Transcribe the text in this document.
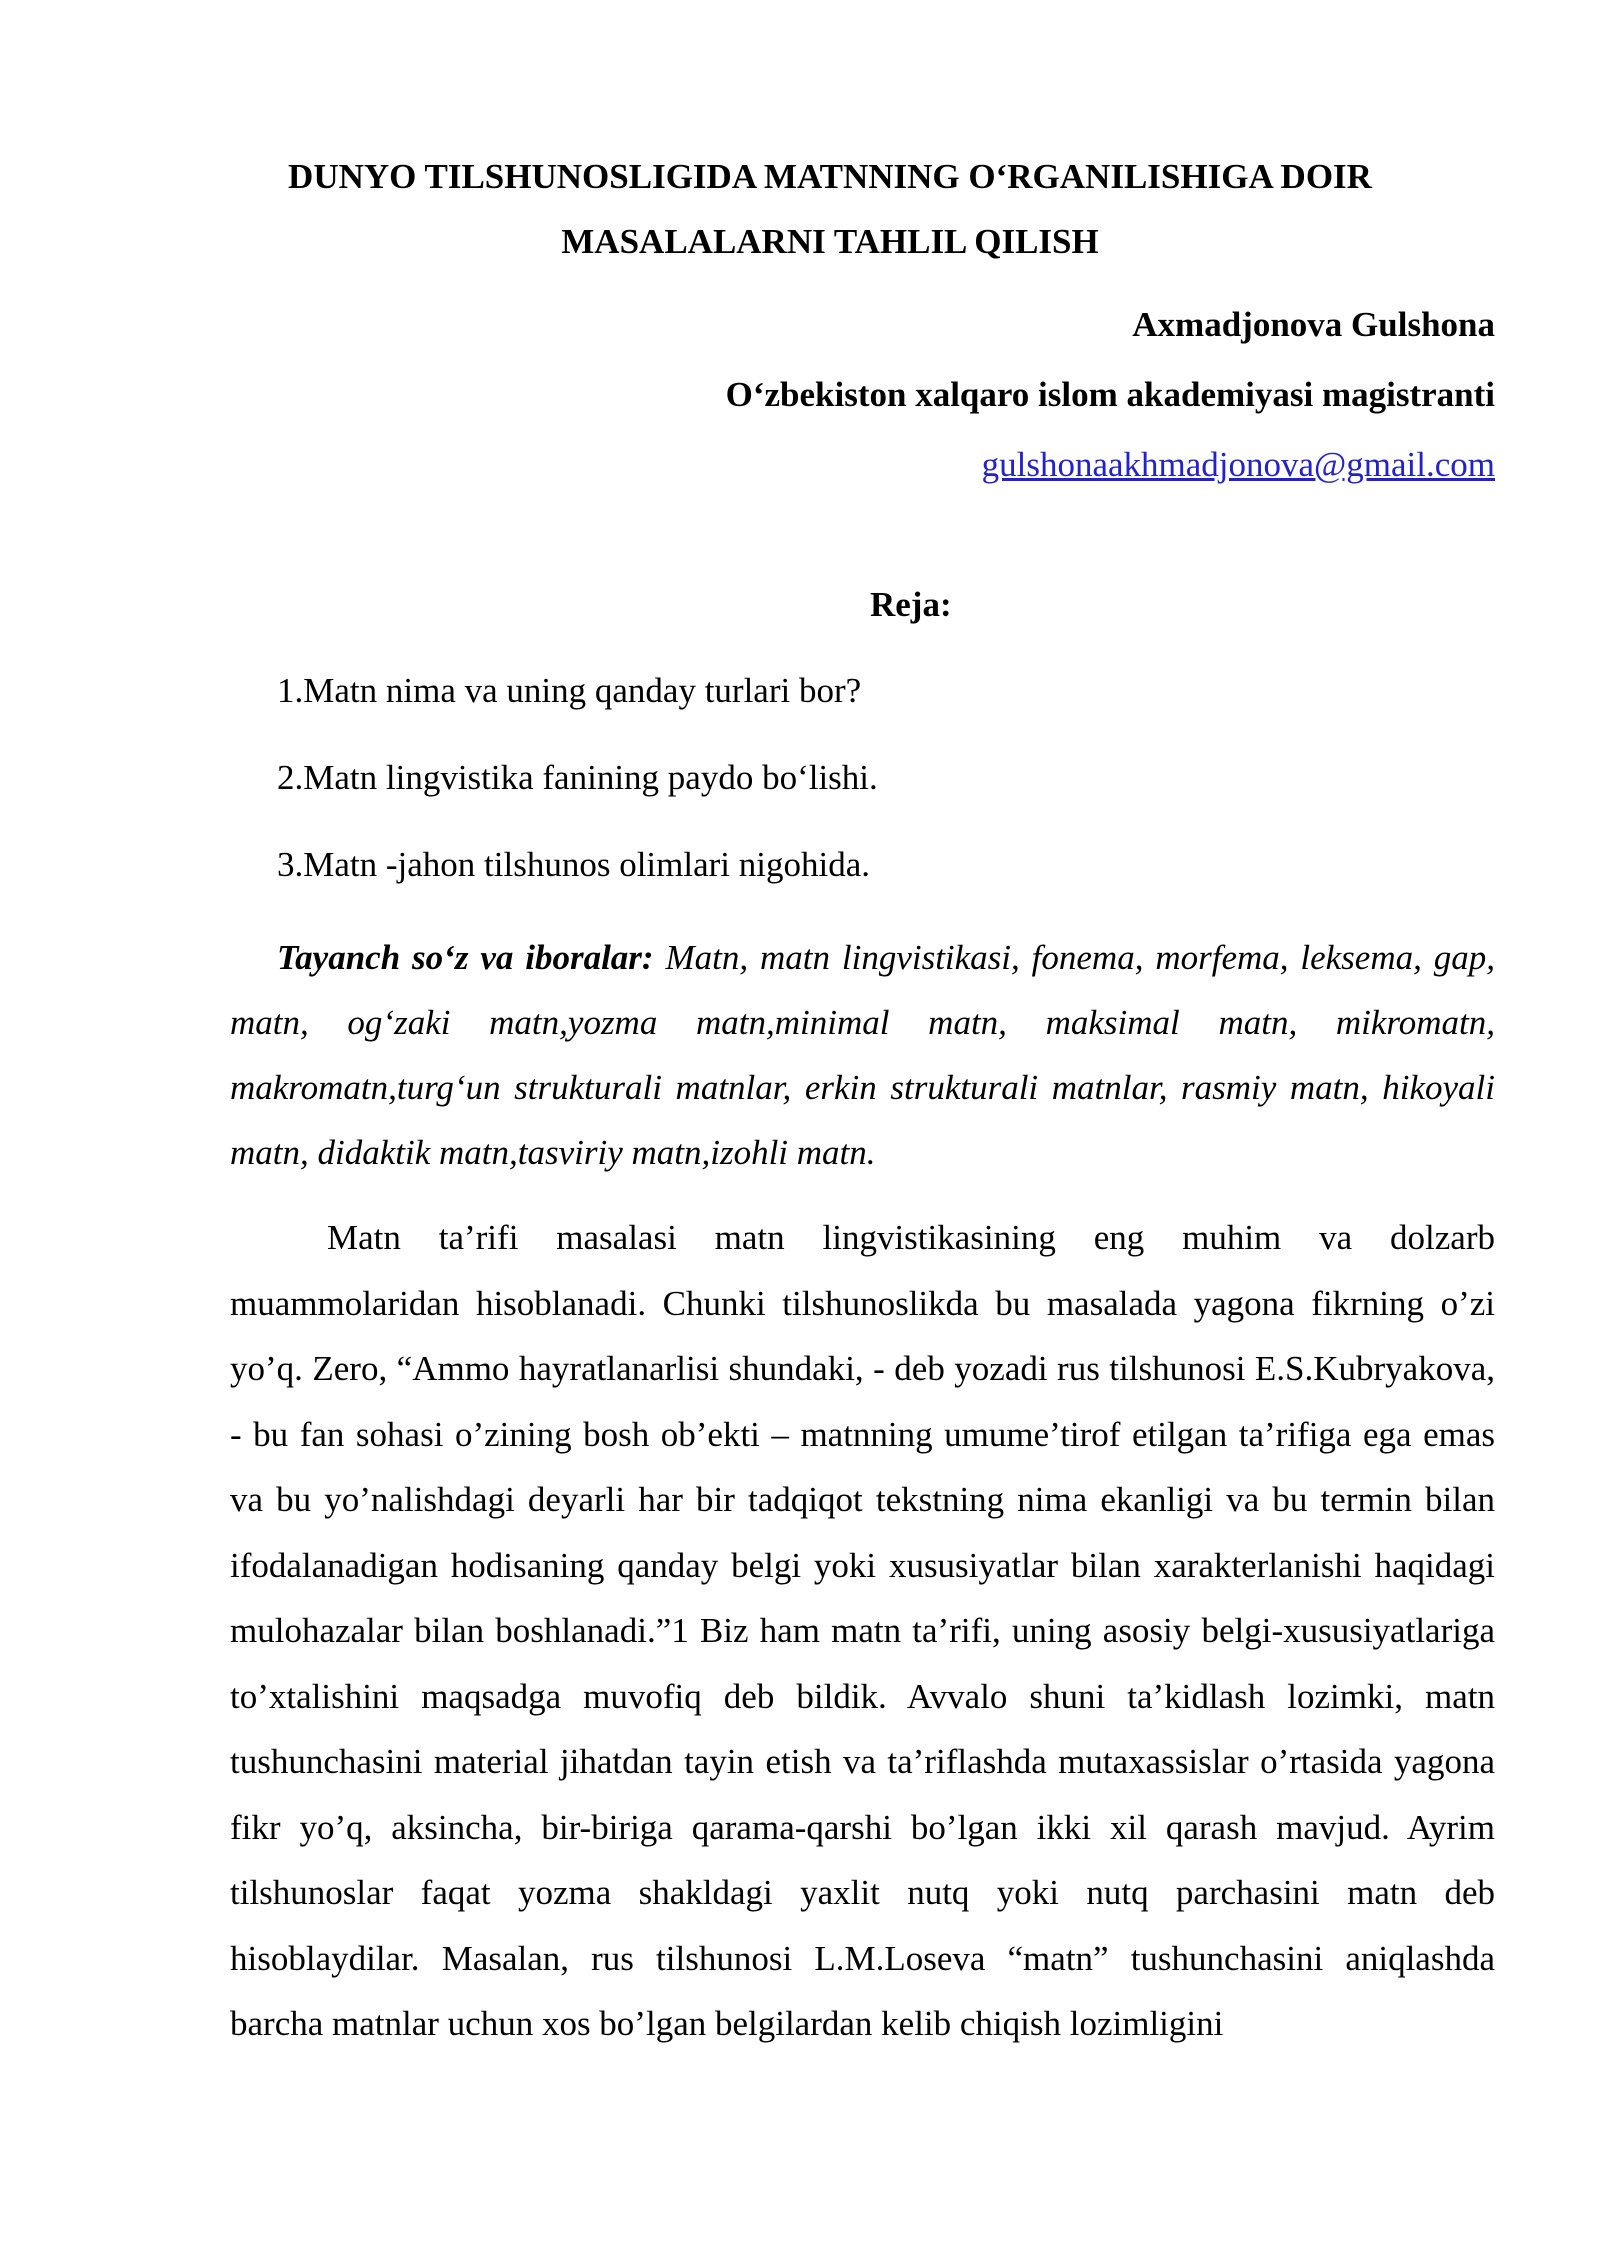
DUNYO TILSHUNOSLIGIDA MATNNING O‘RGANILISHIGA DOIR
MASALALARNI TAHLIL QILISH
Axmadjonova Gulshona
O‘zbekiston xalqaro islom akademiyasi magistranti
gulshonaakhmadjonova@gmail.com
Reja:
1.Matn nima va uning qanday turlari bor?
2.Matn lingvistika fanining paydo bo‘lishi.
3.Matn -jahon tilshunos olimlari nigohida.

Tayanch so‘z va iboralar: Matn, matn lingvistikasi, fonema, morfema, leksema, gap, matn, og‘zaki matn,yozma matn,minimal matn, maksimal matn, mikromatn, makromatn,turg‘un strukturali matnlar, erkin strukturali matnlar, rasmiy matn, hikoyali matn, didaktik matn,tasviriy matn,izohli matn.

Matn ta’rifi masalasi matn lingvistikasining eng muhim va dolzarb muammolaridan hisoblanadi. Chunki tilshunoslikda bu masalada yagona fikrning o’zi yo’q. Zero, “Ammo hayratlanarlisi shundaki, - deb yozadi rus tilshunosi E.S.Kubryakova, - bu fan sohasi o’zining bosh ob’ekti – matnning umume’tirof etilgan ta’rifiga ega emas va bu yo’nalishdagi deyarli har bir tadqiqot tekstning nima ekanligi va bu termin bilan ifodalanadigan hodisaning qanday belgi yoki xususiyatlar bilan xarakterlanishi haqidagi mulohazalar bilan boshlanadi.”1 Biz ham matn ta’rifi, uning asosiy belgi-xususiyatlariga to’xtalishini maqsadga muvofiq deb bildik. Avvalo shuni ta’kidlash lozimki, matn tushunchasini material jihatdan tayin etish va ta’riflashda mutaxassislar o’rtasida yagona fikr yo’q, aksincha, bir-biriga qarama-qarshi bo’lgan ikki xil qarash mavjud. Ayrim tilshunoslar faqat yozma shakldagi yaxlit nutq yoki nutq parchasini matn deb hisoblaydilar. Masalan, rus tilshunosi L.M.Loseva “matn” tushunchasini aniqlashda barcha matnlar uchun xos bo’lgan belgilardan kelib chiqish lozimligini
